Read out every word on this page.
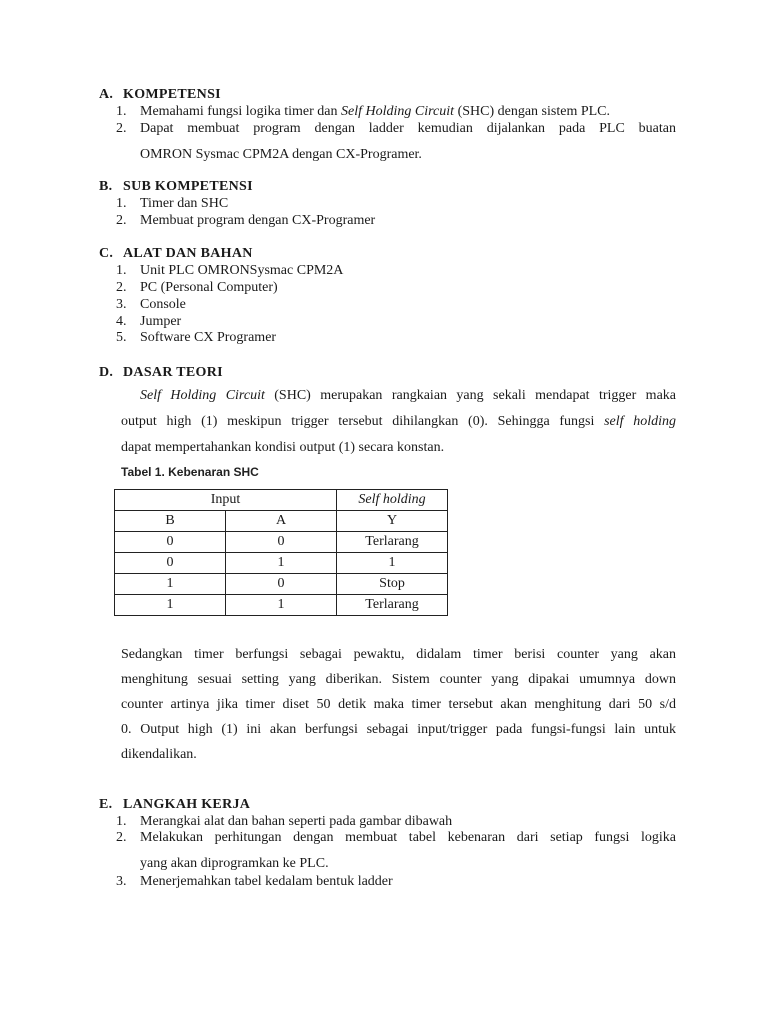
A. KOMPETENSI
1. Memahami fungsi logika timer dan Self Holding Circuit (SHC) dengan sistem PLC.
2. Dapat membuat program dengan ladder kemudian dijalankan pada PLC buatan
OMRON Sysmac CPM2A dengan CX-Programer.
B. SUB KOMPETENSI
1. Timer dan SHC
2. Membuat program dengan CX-Programer
C. ALAT DAN BAHAN
1. Unit PLC OMRONSysmac CPM2A
2. PC (Personal Computer)
3. Console
4. Jumper
5. Software CX Programer
D. DASAR TEORI
Self Holding Circuit (SHC) merupakan rangkaian yang sekali mendapat trigger maka
output high (1) meskipun trigger tersebut dihilangkan (0). Sehingga fungsi self holding
dapat mempertahankan kondisi output (1) secara konstan.
Tabel 1. Kebenaran SHC
Input		Self holding
B	A	Y
0	0	Terlarang
0	1	1
1	0	Stop
1	1	Terlarang
Sedangkan timer berfungsi sebagai pewaktu, didalam timer berisi counter yang akan
menghitung sesuai setting yang diberikan. Sistem counter yang dipakai umumnya down
counter artinya jika timer diset 50 detik maka timer tersebut akan menghitung dari 50 s/d
0. Output high (1) ini akan berfungsi sebagai input/trigger pada fungsi-fungsi lain untuk
dikendalikan.
E. LANGKAH KERJA
1. Merangkai alat dan bahan seperti pada gambar dibawah
2. Melakukan perhitungan dengan membuat tabel kebenaran dari setiap fungsi logika
yang akan diprogramkan ke PLC.
3. Menerjemahkan tabel kedalam bentuk ladder
